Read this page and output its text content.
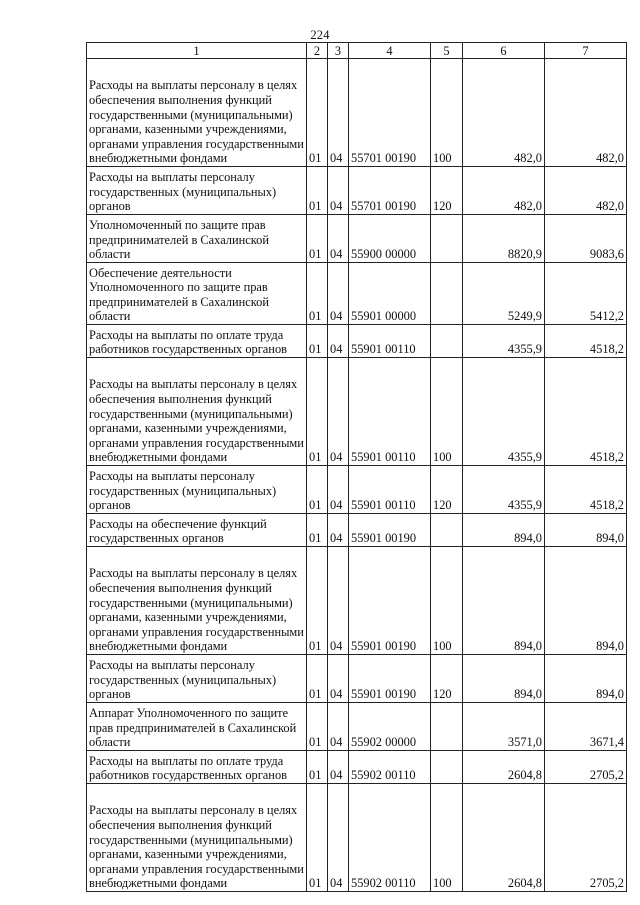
224
1	2	3	4	5	6	7
Расходы на выплаты персоналу в целях обеспечения выполнения функций государственными (муниципальными) органами, казенными учреждениями, органами управления государственными внебюджетными фондами	01	04	55701 00190	100	482,0	482,0
Расходы на выплаты персоналу государственных (муниципальных) органов	01	04	55701 00190	120	482,0	482,0
Уполномоченный по защите прав предпринимателей в Сахалинской области	01	04	55900 00000		8820,9	9083,6
Обеспечение деятельности Уполномоченного по защите прав предпринимателей в Сахалинской области	01	04	55901 00000		5249,9	5412,2
Расходы на выплаты по оплате труда работников государственных органов	01	04	55901 00110		4355,9	4518,2
Расходы на выплаты персоналу в целях обеспечения выполнения функций государственными (муниципальными) органами, казенными учреждениями, органами управления государственными внебюджетными фондами	01	04	55901 00110	100	4355,9	4518,2
Расходы на выплаты персоналу государственных (муниципальных) органов	01	04	55901 00110	120	4355,9	4518,2
Расходы на обеспечение функций государственных органов	01	04	55901 00190		894,0	894,0
Расходы на выплаты персоналу в целях обеспечения выполнения функций государственными (муниципальными) органами, казенными учреждениями, органами управления государственными внебюджетными фондами	01	04	55901 00190	100	894,0	894,0
Расходы на выплаты персоналу государственных (муниципальных) органов	01	04	55901 00190	120	894,0	894,0
Аппарат Уполномоченного по защите прав предпринимателей в Сахалинской области	01	04	55902 00000		3571,0	3671,4
Расходы на выплаты по оплате труда работников государственных органов	01	04	55902 00110		2604,8	2705,2
Расходы на выплаты персоналу в целях обеспечения выполнения функций государственными (муниципальными) органами, казенными учреждениями, органами управления государственными внебюджетными фондами	01	04	55902 00110	100	2604,8	2705,2
